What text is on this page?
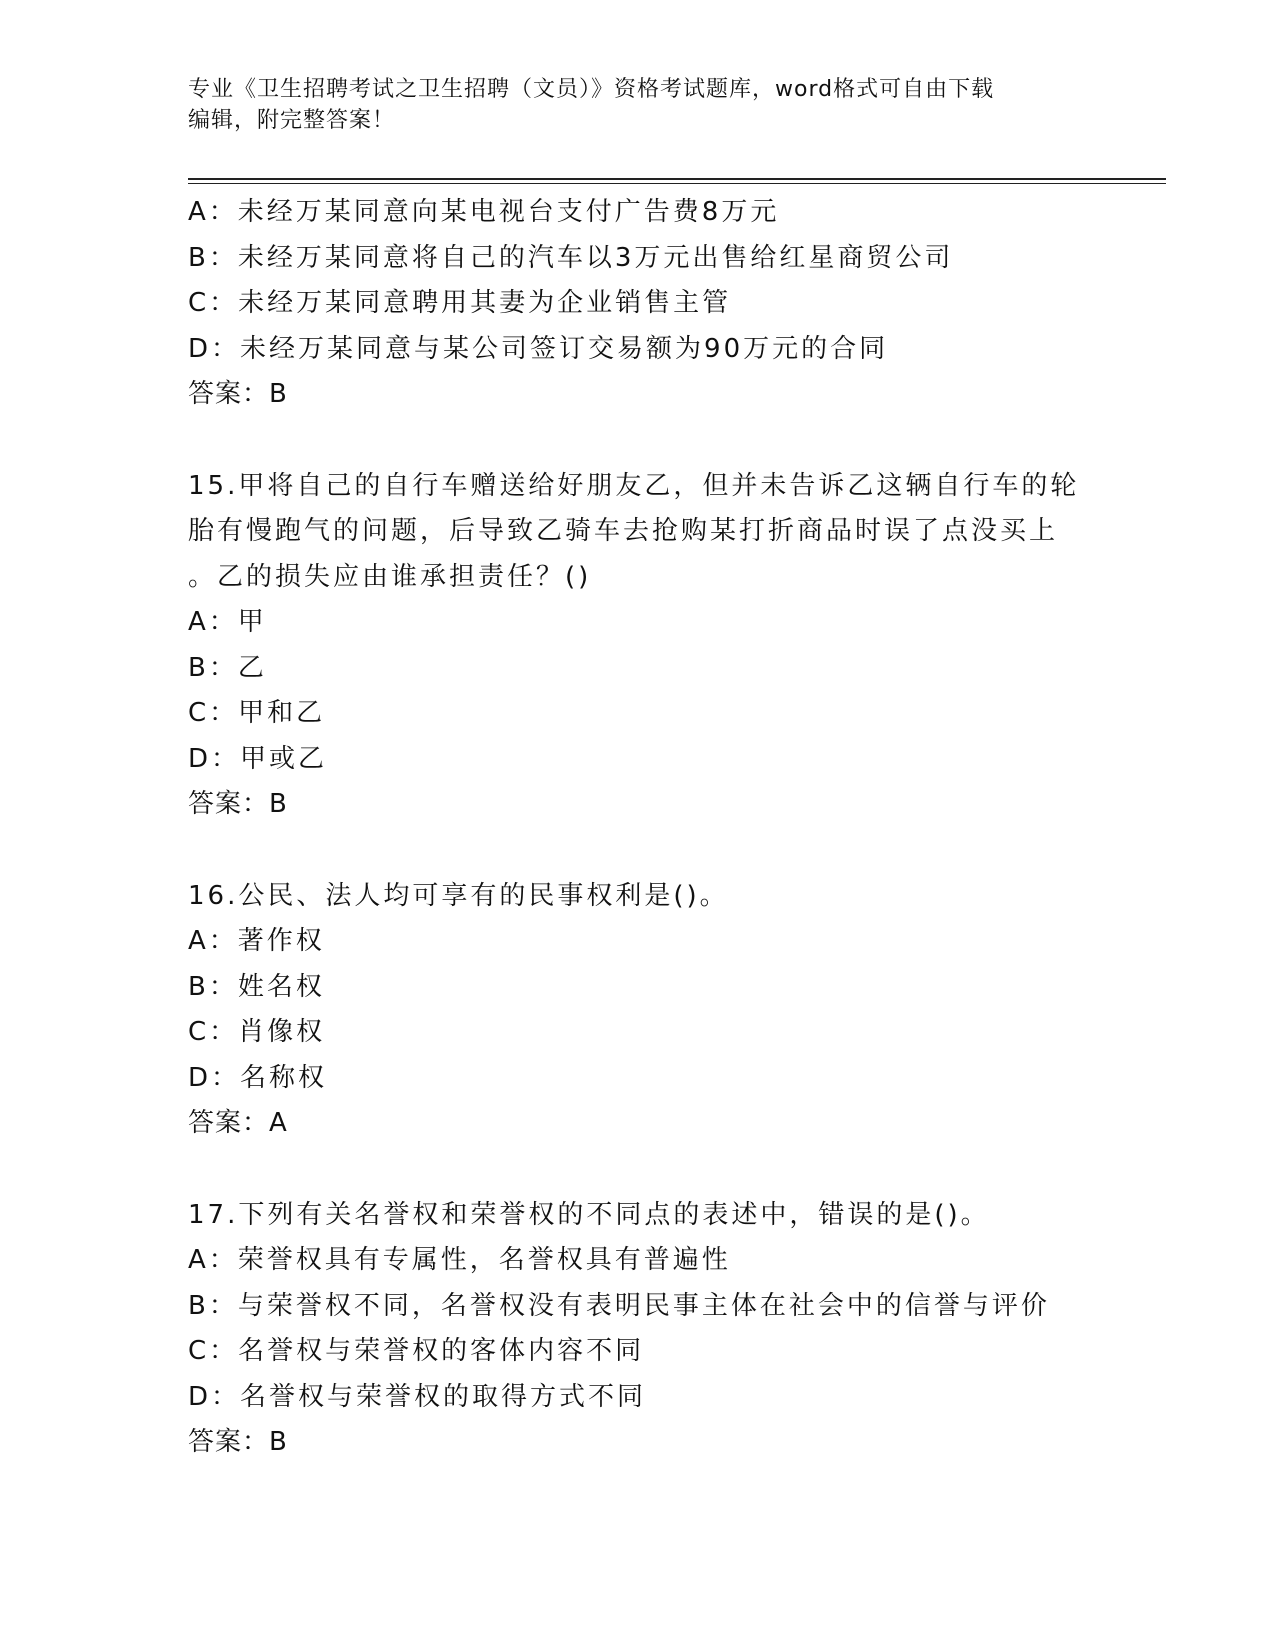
专业《卫生招聘考试之卫生招聘（文员）》资格考试题库，word格式可自由下载
编辑，附完整答案！
A：未经万某同意向某电视台支付广告费8万元
B：未经万某同意将自己的汽车以3万元出售给红星商贸公司
C：未经万某同意聘用其妻为企业销售主管
D：未经万某同意与某公司签订交易额为90万元的合同
答案：B
15.甲将自己的自行车赠送给好朋友乙，但并未告诉乙这辆自行车的轮
胎有慢跑气的问题，后导致乙骑车去抢购某打折商品时误了点没买上
。乙的损失应由谁承担责任？()
A：甲
B：乙
C：甲和乙
D：甲或乙
答案：B
16.公民、法人均可享有的民事权利是()。
A：著作权
B：姓名权
C：肖像权
D：名称权
答案：A
17.下列有关名誉权和荣誉权的不同点的表述中，错误的是()。
A：荣誉权具有专属性，名誉权具有普遍性
B：与荣誉权不同，名誉权没有表明民事主体在社会中的信誉与评价
C：名誉权与荣誉权的客体内容不同
D：名誉权与荣誉权的取得方式不同
答案：B
